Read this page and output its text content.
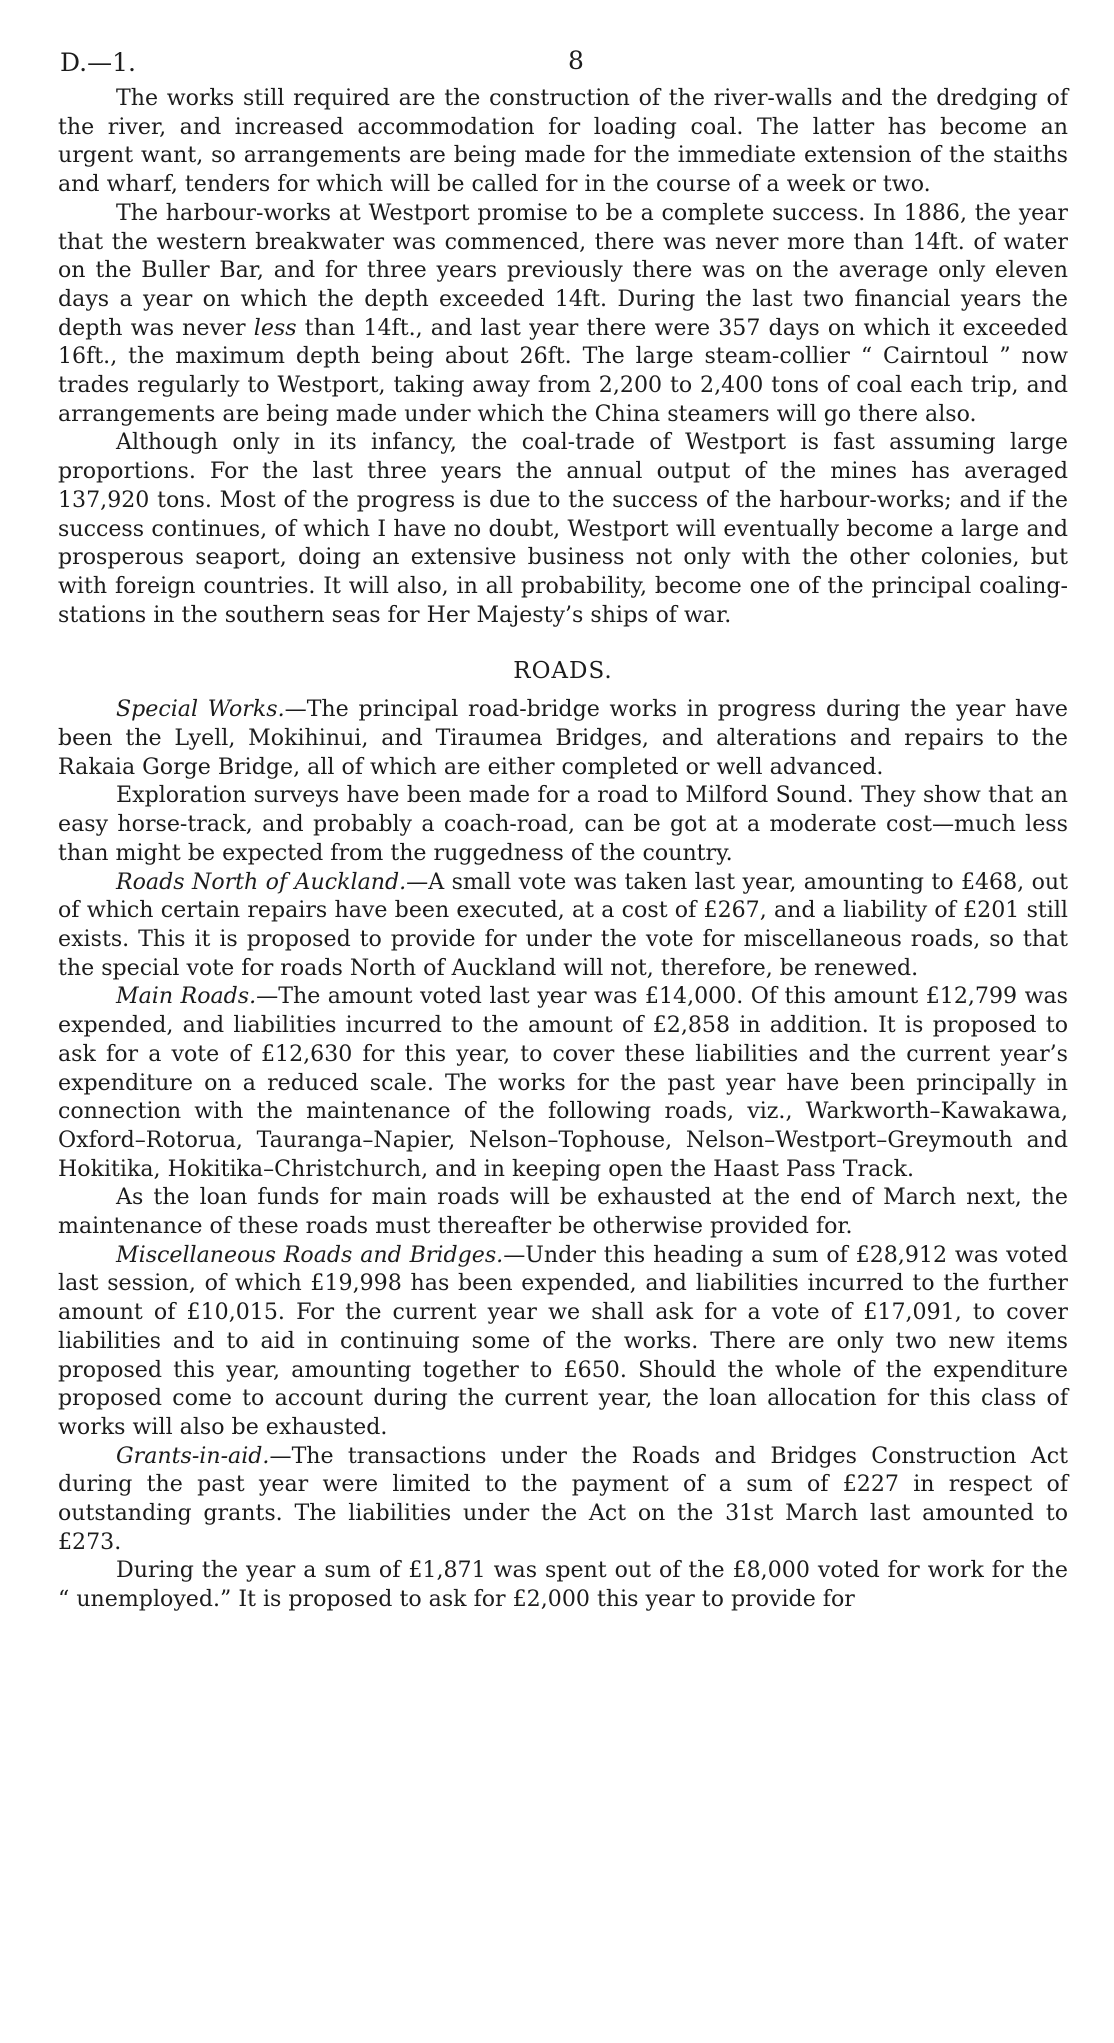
D.—1.	8

The works still required are the construction of the river-walls and the dredging of the river, and increased accommodation for loading coal. The latter has become an urgent want, so arrangements are being made for the immediate extension of the staiths and wharf, tenders for which will be called for in the course of a week or two.

The harbour-works at Westport promise to be a complete success. In 1886, the year that the western breakwater was commenced, there was never more than 14ft. of water on the Buller Bar, and for three years previously there was on the average only eleven days a year on which the depth exceeded 14ft. During the last two financial years the depth was never less than 14ft., and last year there were 357 days on which it exceeded 16ft., the maximum depth being about 26ft. The large steam-collier “ Cairntoul ” now trades regularly to Westport, taking away from 2,200 to 2,400 tons of coal each trip, and arrangements are being made under which the China steamers will go there also.

Although only in its infancy, the coal-trade of Westport is fast assuming large proportions. For the last three years the annual output of the mines has averaged 137,920 tons. Most of the progress is due to the success of the harbour-works; and if the success continues, of which I have no doubt, Westport will eventually become a large and prosperous seaport, doing an extensive business not only with the other colonies, but with foreign countries. It will also, in all probability, become one of the principal coaling-stations in the southern seas for Her Majesty’s ships of war.

ROADS.

Special Works.—The principal road-bridge works in progress during the year have been the Lyell, Mokihinui, and Tiraumea Bridges, and alterations and repairs to the Rakaia Gorge Bridge, all of which are either completed or well advanced.

Exploration surveys have been made for a road to Milford Sound. They show that an easy horse-track, and probably a coach-road, can be got at a moderate cost—much less than might be expected from the ruggedness of the country.

Roads North of Auckland.—A small vote was taken last year, amounting to £468, out of which certain repairs have been executed, at a cost of £267, and a liability of £201 still exists. This it is proposed to provide for under the vote for miscellaneous roads, so that the special vote for roads North of Auckland will not, therefore, be renewed.

Main Roads.—The amount voted last year was £14,000. Of this amount £12,799 was expended, and liabilities incurred to the amount of £2,858 in addition. It is proposed to ask for a vote of £12,630 for this year, to cover these liabilities and the current year’s expenditure on a reduced scale. The works for the past year have been principally in connection with the maintenance of the following roads, viz., Warkworth–Kawakawa, Oxford–Rotorua, Tauranga–Napier, Nelson–Tophouse, Nelson–Westport–Greymouth and Hokitika, Hokitika–Christchurch, and in keeping open the Haast Pass Track.

As the loan funds for main roads will be exhausted at the end of March next, the maintenance of these roads must thereafter be otherwise provided for.

Miscellaneous Roads and Bridges.—Under this heading a sum of £28,912 was voted last session, of which £19,998 has been expended, and liabilities incurred to the further amount of £10,015. For the current year we shall ask for a vote of £17,091, to cover liabilities and to aid in continuing some of the works. There are only two new items proposed this year, amounting together to £650. Should the whole of the expenditure proposed come to account during the current year, the loan allocation for this class of works will also be exhausted.

Grants-in-aid.—The transactions under the Roads and Bridges Construction Act during the past year were limited to the payment of a sum of £227 in respect of outstanding grants. The liabilities under the Act on the 31st March last amounted to £273.

During the year a sum of £1,871 was spent out of the £8,000 voted for work for the “ unemployed.” It is proposed to ask for £2,000 this year to provide for
